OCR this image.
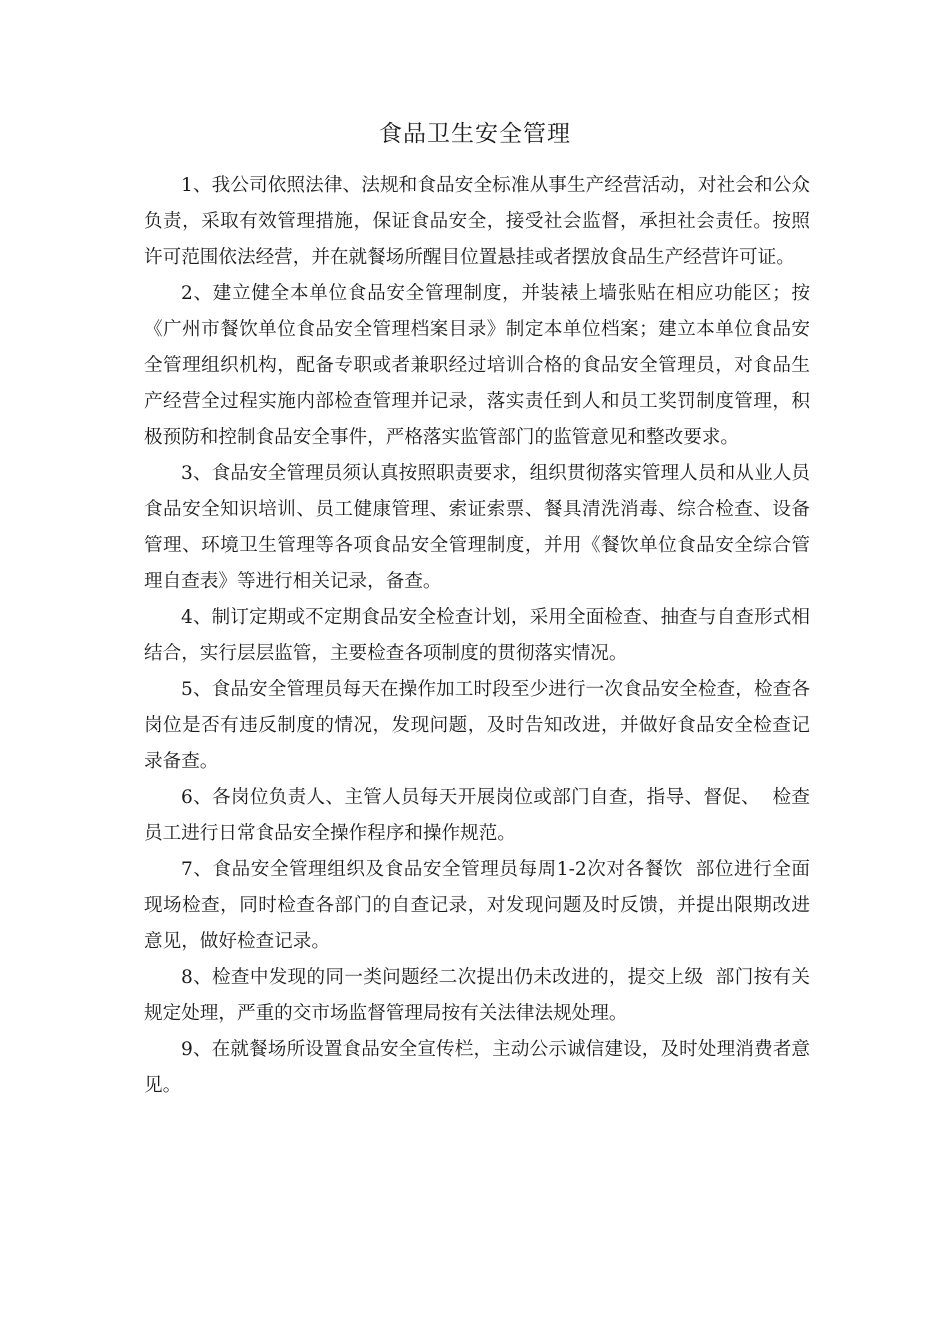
食品卫生安全管理

1、我公司依照法律、法规和食品安全标准从事生产经营活动，对社会和公众负责，采取有效管理措施，保证食品安全，接受社会监督，承担社会责任。按照许可范围依法经营，并在就餐场所醒目位置悬挂或者摆放食品生产经营许可证。

2、建立健全本单位食品安全管理制度，并装裱上墙张贴在相应功能区；按《广州市餐饮单位食品安全管理档案目录》制定本单位档案；建立本单位食品安全管理组织机构，配备专职或者兼职经过培训合格的食品安全管理员，对食品生产经营全过程实施内部检查管理并记录，落实责任到人和员工奖罚制度管理，积极预防和控制食品安全事件，严格落实监管部门的监管意见和整改要求。

3、食品安全管理员须认真按照职责要求，组织贯彻落实管理人员和从业人员食品安全知识培训、员工健康管理、索证索票、餐具清洗消毒、综合检查、设备管理、环境卫生管理等各项食品安全管理制度，并用《餐饮单位食品安全综合管理自查表》等进行相关记录，备查。

4、制订定期或不定期食品安全检查计划，采用全面检查、抽查与自查形式相结合，实行层层监管，主要检查各项制度的贯彻落实情况。

5、食品安全管理员每天在操作加工时段至少进行一次食品安全检查，检查各岗位是否有违反制度的情况，发现问题，及时告知改进，并做好食品安全检查记录备查。

6、各岗位负责人、主管人员每天开展岗位或部门自查，指导、督促、  检查员工进行日常食品安全操作程序和操作规范。

7、食品安全管理组织及食品安全管理员每周1-2次对各餐饮  部位进行全面现场检查，同时检查各部门的自查记录，对发现问题及时反馈，并提出限期改进意见，做好检查记录。

8、检查中发现的同一类问题经二次提出仍未改进的，提交上级  部门按有关规定处理，严重的交市场监督管理局按有关法律法规处理。

9、在就餐场所设置食品安全宣传栏，主动公示诚信建设，及时处理消费者意见。
